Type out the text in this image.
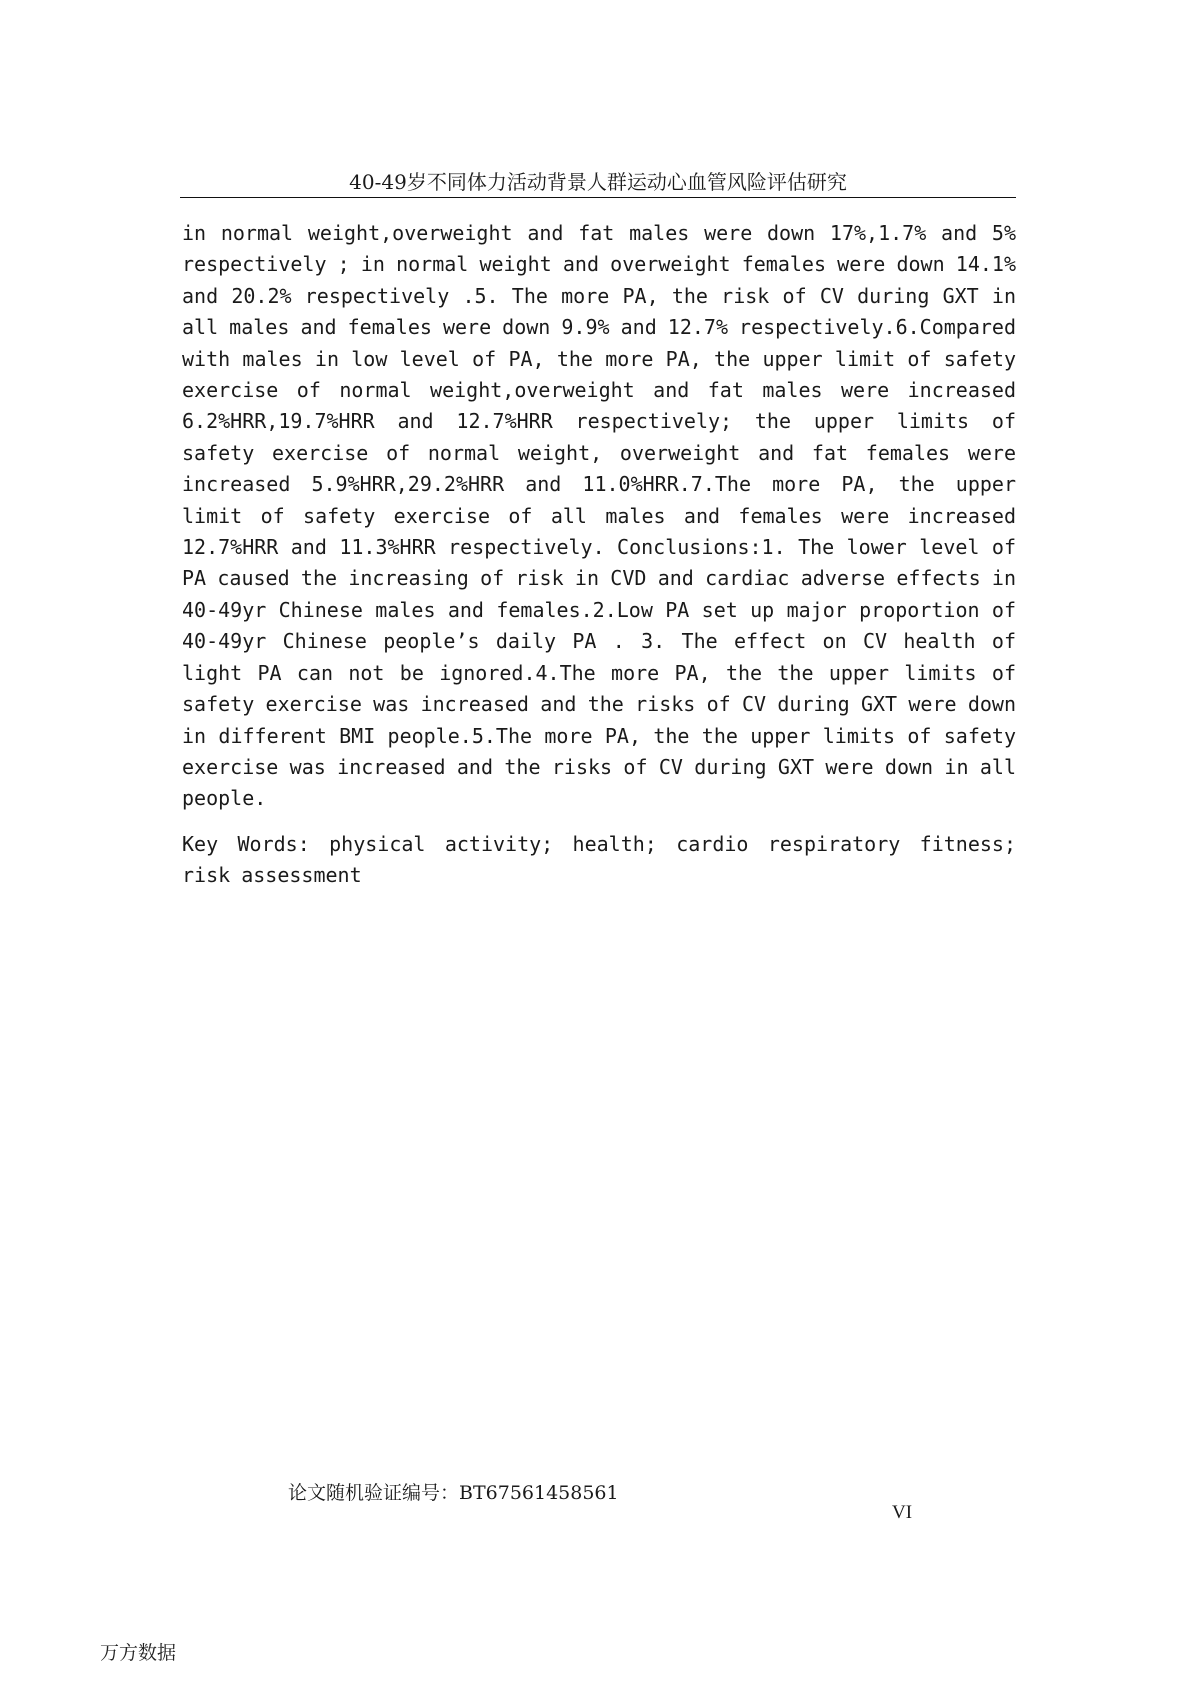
40-49岁不同体力活动背景人群运动心血管风险评估研究

in normal weight,overweight and fat males were down 17%,1.7% and 5% respectively ; in normal weight and overweight females were down 14.1% and 20.2% respectively .5. The more PA, the risk of CV during GXT in all males and females were down 9.9% and 12.7% respectively.6.Compared with males in low level of PA, the more PA, the upper limit of safety exercise of normal weight,overweight and fat males were increased 6.2%HRR,19.7%HRR and 12.7%HRR respectively; the upper limits of safety exercise of normal weight, overweight and fat females were increased 5.9%HRR,29.2%HRR and 11.0%HRR.7.The more PA, the upper limit of safety exercise of all males and females were increased 12.7%HRR and 11.3%HRR respectively. Conclusions:1. The lower level of PA caused the increasing of risk in CVD and cardiac adverse effects in 40-49yr Chinese males and females.2.Low PA set up major proportion of 40-49yr Chinese people’s daily PA . 3. The effect on CV health of light PA can not be ignored.4.The more PA, the the upper limits of safety exercise was increased and the risks of CV during GXT were down in different BMI people.5.The more PA, the the upper limits of safety exercise was increased and the risks of CV during GXT were down in all people.

Key Words: physical activity; health; cardio respiratory fitness; risk assessment

论文随机验证编号：BT67561458561
VI
万方数据
